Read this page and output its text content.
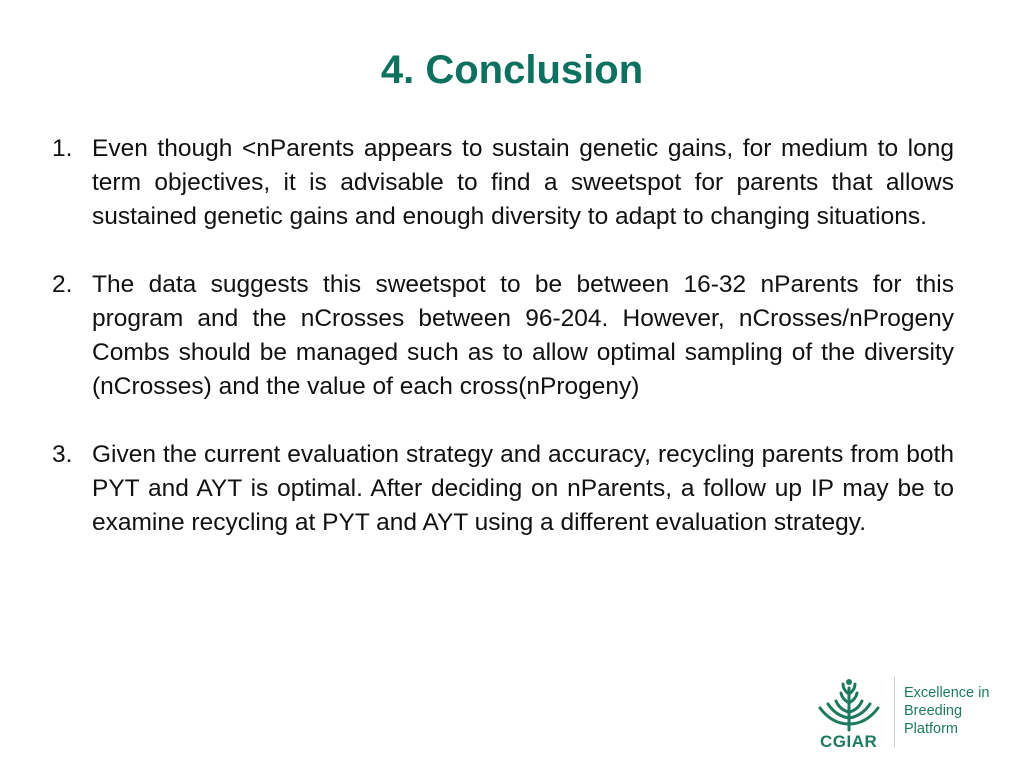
4. Conclusion
1. Even though <nParents appears to sustain genetic gains, for medium to long term objectives, it is advisable to find a sweetspot for parents that allows sustained genetic gains and enough diversity to adapt to changing situations.
2. The data suggests this sweetspot to be between 16-32 nParents for this program and the nCrosses between 96-204. However, nCrosses/nProgeny Combs should be managed such as to allow optimal sampling of the diversity (nCrosses) and the value of each cross(nProgeny)
3. Given the current evaluation strategy and accuracy, recycling parents from both PYT and AYT is optimal. After deciding on nParents, a follow up IP may be to examine recycling at PYT and AYT using a different evaluation strategy.
CGIAR
Excellence in
Breeding
Platform
